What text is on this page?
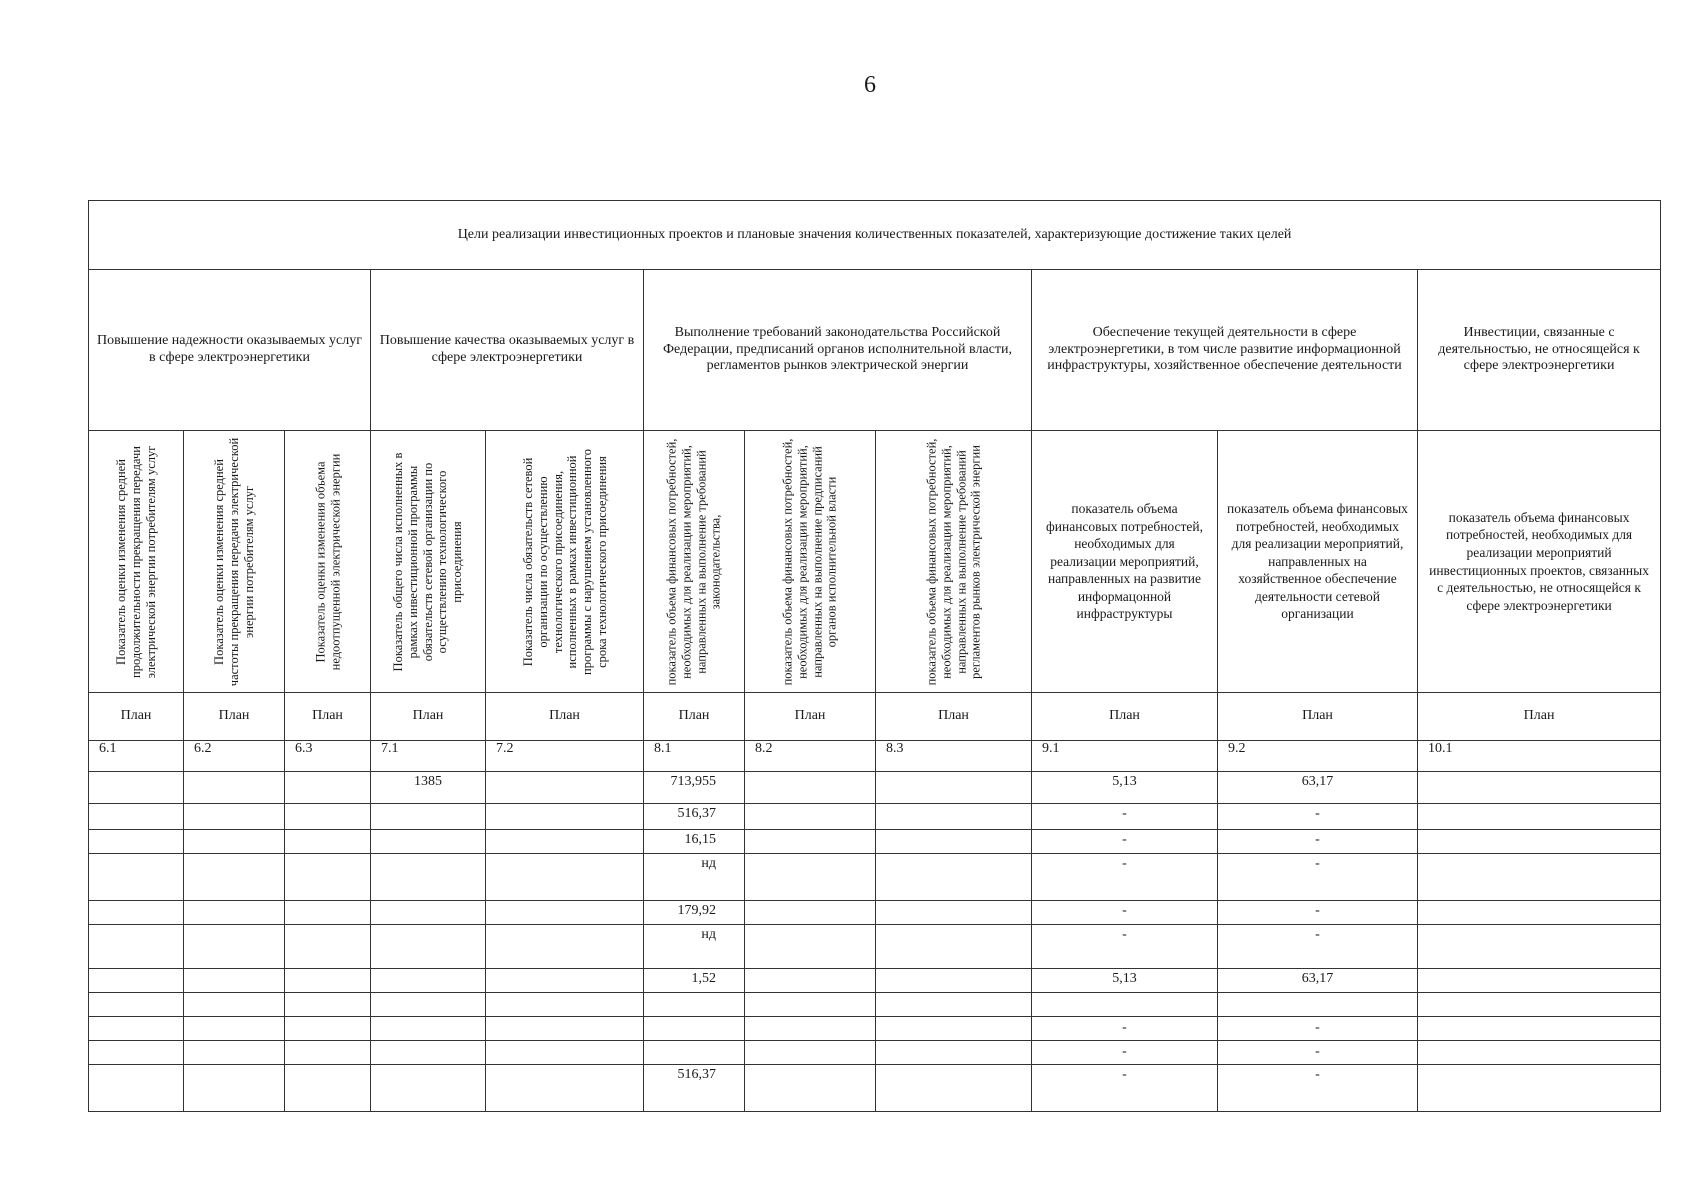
6
Цели реализации инвестиционных проектов и плановые значения количественных показателей, характеризующие достижение таких целей										
Повышение надежности оказываемых услуг в сфере электроэнергетики			Повышение качества оказываемых услуг в сфере электроэнергетики		Выполнение требований законодательства Российской Федерации, предписаний органов исполнительной власти, регламентов рынков электрической энергии			Обеспечение текущей деятельности в сфере электроэнергетики, в том числе развитие информационной инфраструктуры, хозяйственное обеспечение деятельности		Инвестиции, связанные с деятельностью, не относящейся к сфере электроэнергетики

Показатель оценки изменения средней продолжительности прекращения передачи электрической энергии потребителям услуг	Показатель оценки изменения средней частоты прекращения передачи электрической энергии потребителям услуг	Показатель оценки изменения объема недоотпущенной электрической энергии	Показатель общего числа исполненных в рамках инвестиционной программы обязательств сетевой организации по осуществлению технологического присоединения	Показатель числа обязательств сетевой организации по осуществлению технологического присоединения, исполненных в рамках инвестиционной программы с нарушением установленного срока технологического присоединения	показатель объема финансовых потребностей, необходимых для реализации мероприятий, направленных на выполнение требований законодательства,	показатель объема финансовых потребностей, необходимых для реализации мероприятий, направленных на выполнение предписаний органов исполнительной власти	показатель объема финансовых потребностей, необходимых для реализации мероприятий, направленных на выполнение требований регламентов рынков электрической энергии	показатель объема финансовых потребностей, необходимых для реализации мероприятий, направленных на развитие информацонной инфраструктуры	показатель объема финансовых потребностей, необходимых для реализации мероприятий, направленных на хозяйственное обеспечение деятельности сетевой организации	показатель объема финансовых потребностей, необходимых для реализации мероприятий инвестиционных проектов, связанных с деятельностью, не относящейся к сфере электроэнергетики

План	План	План	План	План	План	План	План	План	План	План
6.1	6.2	6.3	7.1	7.2	8.1	8.2	8.3	9.1	9.2	10.1
			1385		713,955			5,13	63,17	
					516,37			-	-	
					16,15			-	-	
					нд			-	-	
					179,92			-	-	
					нд			-	-	
					1,52			5,13	63,17	

								-	-	
								-	-	
					516,37			-	-	
